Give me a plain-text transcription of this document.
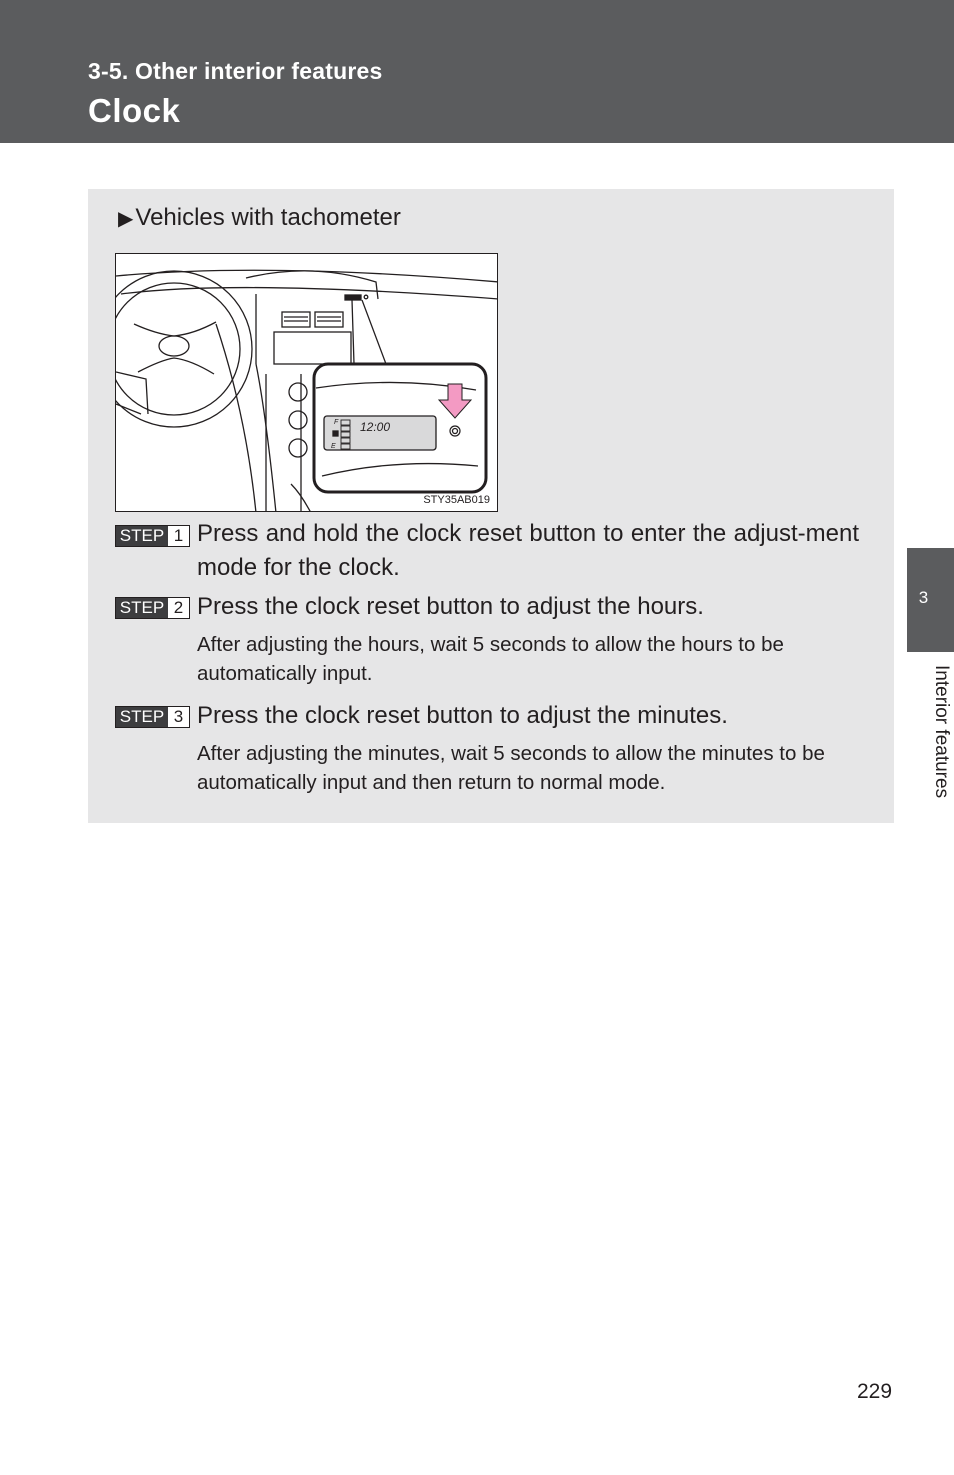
3-5. Other interior features
Clock
▶Vehicles with tachometer
12:00
F
E
STY35AB019
STEP 1 Press and hold the clock reset button to enter the adjust-ment mode for the clock.
STEP 2 Press the clock reset button to adjust the hours.
After adjusting the hours, wait 5 seconds to allow the hours to be automatically input.
STEP 3 Press the clock reset button to adjust the minutes.
After adjusting the minutes, wait 5 seconds to allow the minutes to be automatically input and then return to normal mode.
3
Interior features
229
